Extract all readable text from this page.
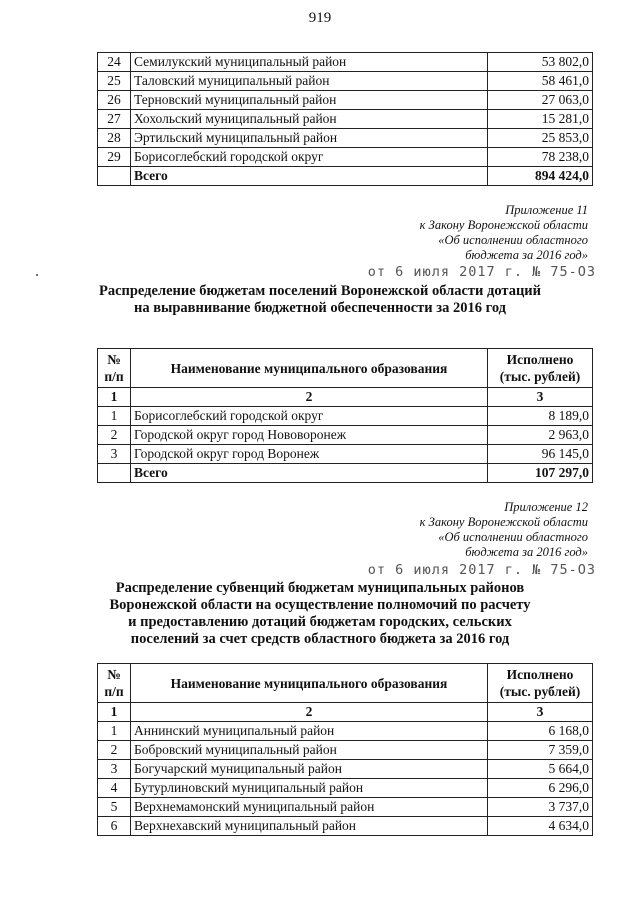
919
24	Семилукский муниципальный район	53 802,0
25	Таловский муниципальный район	58 461,0
26	Терновский муниципальный район	27 063,0
27	Хохольский муниципальный район	15 281,0
28	Эртильский муниципальный район	25 853,0
29	Борисоглебский городской округ	78 238,0
	Всего	894 424,0
Приложение 11
к Закону Воронежской области
«Об исполнении областного
бюджета за 2016 год»
от 6 июля 2017 г. № 75-ОЗ
Распределение бюджетам поселений Воронежской области дотаций
на выравнивание бюджетной обеспеченности за 2016 год
№ п/п	Наименование муниципального образования	Исполнено (тыс. рублей)
1	2	3
1	Борисоглебский городской округ	8 189,0
2	Городской округ город Нововоронеж	2 963,0
3	Городской округ город Воронеж	96 145,0
	Всего	107 297,0
Приложение 12
к Закону Воронежской области
«Об исполнении областного
бюджета за 2016 год»
от 6 июля 2017 г. № 75-ОЗ
Распределение субвенций бюджетам муниципальных районов
Воронежской области на осуществление полномочий по расчету
и предоставлению дотаций бюджетам городских, сельских
поселений за счет средств областного бюджета за 2016 год
№ п/п	Наименование муниципального образования	Исполнено (тыс. рублей)
1	2	3
1	Аннинский муниципальный район	6 168,0
2	Бобровский муниципальный район	7 359,0
3	Богучарский муниципальный район	5 664,0
4	Бутурлиновский муниципальный район	6 296,0
5	Верхнемамонский муниципальный район	3 737,0
6	Верхнехавский муниципальный район	4 634,0
